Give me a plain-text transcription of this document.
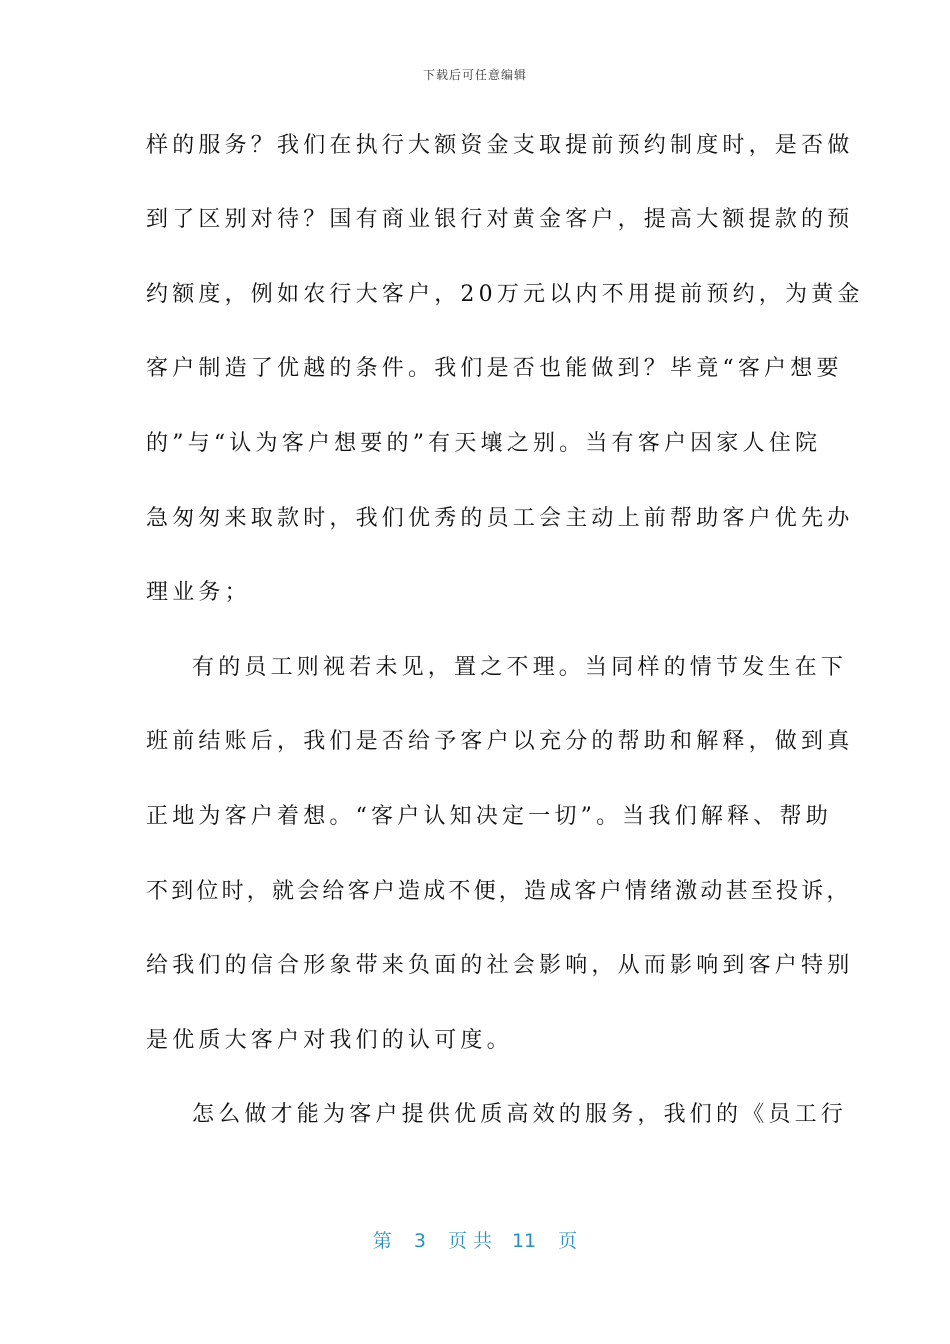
下载后可任意编辑
样的服务？我们在执行大额资金支取提前预约制度时，是否做
到了区别对待？国有商业银行对黄金客户，提高大额提款的预
约额度，例如农行大客户，20万元以内不用提前预约，为黄金
客户制造了优越的条件。我们是否也能做到？毕竟“客户想要
的”与“认为客户想要的”有天壤之别。当有客户因家人住院
急匆匆来取款时，我们优秀的员工会主动上前帮助客户优先办
理业务；
有的员工则视若未见，置之不理。当同样的情节发生在下
班前结账后，我们是否给予客户以充分的帮助和解释，做到真
正地为客户着想。“客户认知决定一切”。当我们解释、帮助
不到位时，就会给客户造成不便，造成客户情绪激动甚至投诉，
给我们的信合形象带来负面的社会影响，从而影响到客户特别
是优质大客户对我们的认可度。
怎么做才能为客户提供优质高效的服务，我们的《员工行
第 3 页共 11 页
